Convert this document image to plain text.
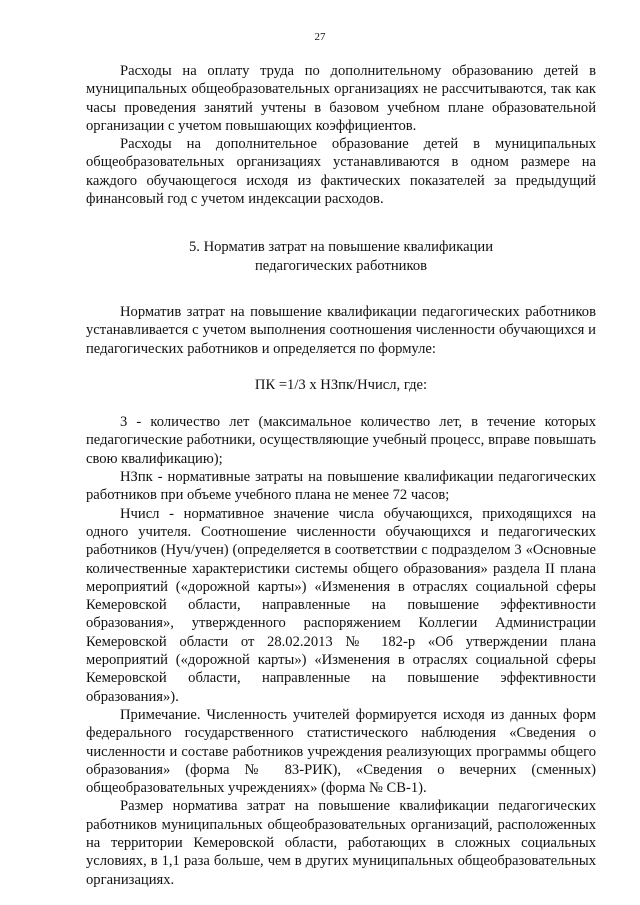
27

Расходы на оплату труда по дополнительному образованию детей в муниципальных общеобразовательных организациях не рассчитываются, так как часы проведения занятий учтены в базовом учебном плане образовательной организации с учетом повышающих коэффициентов.

Расходы на дополнительное образование детей в муниципальных общеобразовательных организациях устанавливаются в одном размере на каждого обучающегося исходя из фактических показателей за предыдущий финансовый год с учетом индексации расходов.

5. Норматив затрат на повышение квалификации
педагогических работников

Норматив затрат на повышение квалификации педагогических работников устанавливается с учетом выполнения соотношения численности обучающихся и педагогических работников и определяется по формуле:

ПК =1/3 х НЗпк/Нчисл, где:

3 - количество лет (максимальное количество лет, в течение которых педагогические работники, осуществляющие учебный процесс, вправе повышать свою квалификацию);

НЗпк - нормативные затраты на повышение квалификации педагогических работников при объеме учебного плана не менее 72 часов;

Нчисл - нормативное значение числа обучающихся, приходящихся на одного учителя. Соотношение численности обучающихся и педагогических работников (Нуч/учен) (определяется в соответствии с подразделом 3 «Основные количественные характеристики системы общего образования» раздела II плана мероприятий («дорожной карты») «Изменения в отраслях социальной сферы Кемеровской области, направленные на повышение эффективности образования», утвержденного распоряжением Коллегии Администрации Кемеровской области от 28.02.2013 № 182-р «Об утверждении плана мероприятий («дорожной карты») «Изменения в отраслях социальной сферы Кемеровской области, направленные на повышение эффективности образования»).

Примечание. Численность учителей формируется исходя из данных форм федерального государственного статистического наблюдения «Сведения о численности и составе работников учреждения реализующих программы общего образования» (форма № 83-РИК), «Сведения о вечерних (сменных) общеобразовательных учреждениях» (форма № СВ-1).

Размер норматива затрат на повышение квалификации педагогических работников муниципальных общеобразовательных организаций, расположенных на территории Кемеровской области, работающих в сложных социальных условиях, в 1,1 раза больше, чем в других муниципальных общеобразовательных организациях.
